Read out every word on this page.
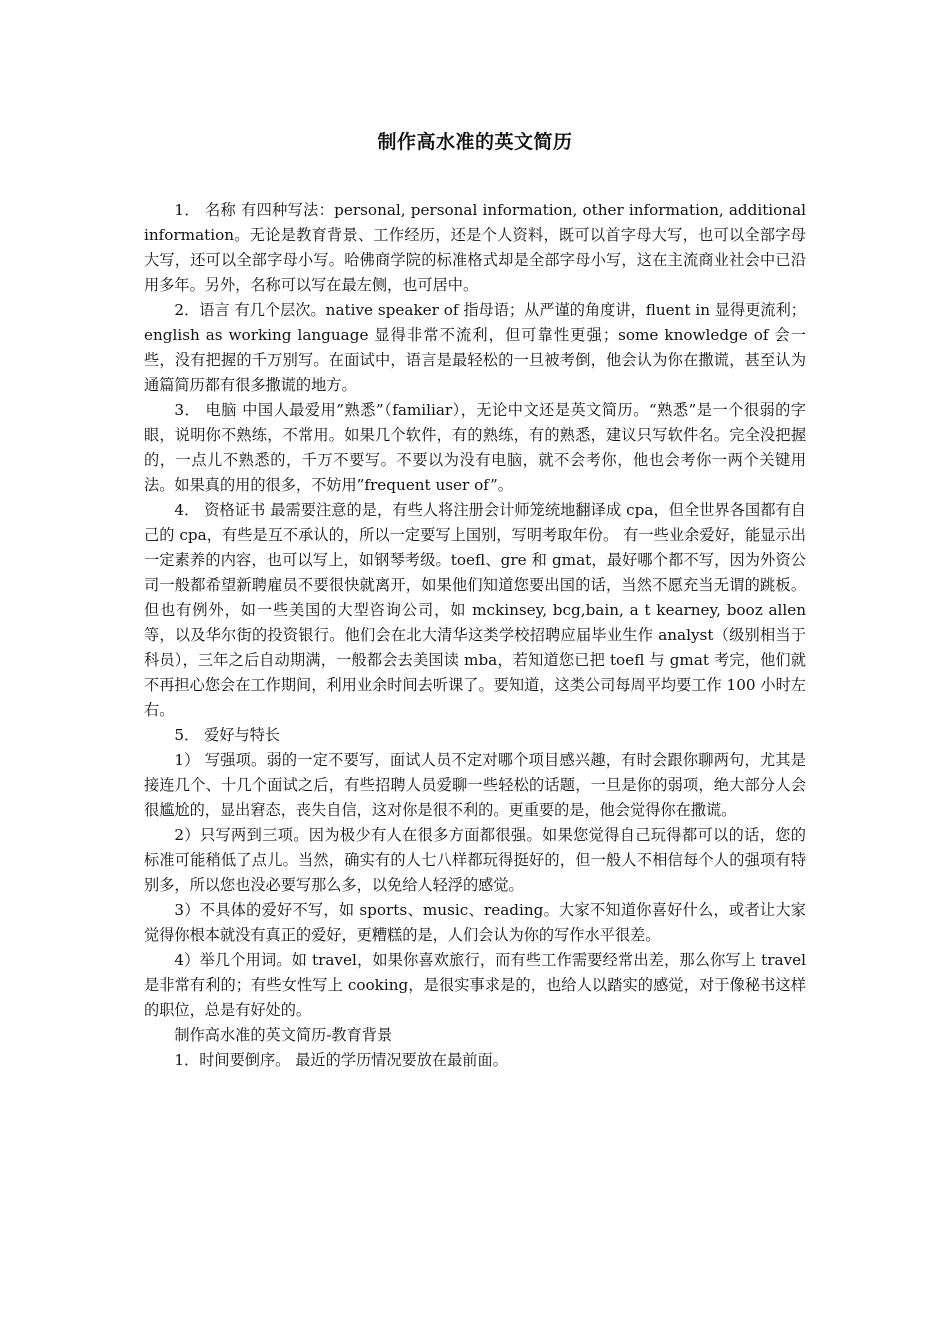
制作高水准的英文简历

1． 名称 有四种写法：personal, personal information, other information, additional information。无论是教育背景、工作经历，还是个人资料，既可以首字母大写，也可以全部字母大写，还可以全部字母小写。哈佛商学院的标准格式却是全部字母小写，这在主流商业社会中已沿用多年。另外，名称可以写在最左侧，也可居中。

2．语言 有几个层次。native speaker of 指母语；从严谨的角度讲，fluent in 显得更流利；english as working language 显得非常不流利，但可靠性更强；some knowledge of 会一些，没有把握的千万别写。在面试中，语言是最轻松的一旦被考倒，他会认为你在撒谎，甚至认为通篇简历都有很多撒谎的地方。

3． 电脑 中国人最爱用”熟悉”（familiar），无论中文还是英文简历。“熟悉”是一个很弱的字眼，说明你不熟练，不常用。如果几个软件，有的熟练，有的熟悉，建议只写软件名。完全没把握的，一点儿不熟悉的，千万不要写。不要以为没有电脑，就不会考你，他也会考你一两个关键用法。如果真的用的很多，不妨用”frequent user of”。

4． 资格证书 最需要注意的是，有些人将注册会计师笼统地翻译成 cpa，但全世界各国都有自己的 cpa，有些是互不承认的，所以一定要写上国别，写明考取年份。 有一些业余爱好，能显示出一定素养的内容，也可以写上，如钢琴考级。toefl、gre 和 gmat，最好哪个都不写，因为外资公司一般都希望新聘雇员不要很快就离开，如果他们知道您要出国的话，当然不愿充当无谓的跳板。但也有例外，如一些美国的大型咨询公司，如 mckinsey, bcg,bain, a t kearney, booz allen 等，以及华尔街的投资银行。他们会在北大清华这类学校招聘应届毕业生作 analyst（级别相当于科员），三年之后自动期满，一般都会去美国读 mba，若知道您已把 toefl 与 gmat 考完，他们就不再担心您会在工作期间，利用业余时间去听课了。要知道，这类公司每周平均要工作 100 小时左右。

5． 爱好与特长

1） 写强项。弱的一定不要写，面试人员不定对哪个项目感兴趣，有时会跟你聊两句，尤其是接连几个、十几个面试之后，有些招聘人员爱聊一些轻松的话题，一旦是你的弱项，绝大部分人会很尴尬的，显出窘态，丧失自信，这对你是很不利的。更重要的是，他会觉得你在撒谎。

2）只写两到三项。因为极少有人在很多方面都很强。如果您觉得自己玩得都可以的话，您的标准可能稍低了点儿。当然，确实有的人七八样都玩得挺好的，但一般人不相信每个人的强项有特别多，所以您也没必要写那么多，以免给人轻浮的感觉。

3）不具体的爱好不写，如 sports、music、reading。大家不知道你喜好什么，或者让大家觉得你根本就没有真正的爱好，更糟糕的是，人们会认为你的写作水平很差。

4）举几个用词。如 travel，如果你喜欢旅行，而有些工作需要经常出差，那么你写上 travel 是非常有利的；有些女性写上 cooking，是很实事求是的，也给人以踏实的感觉，对于像秘书这样的职位，总是有好处的。

制作高水准的英文简历-教育背景

1．时间要倒序。 最近的学历情况要放在最前面。
